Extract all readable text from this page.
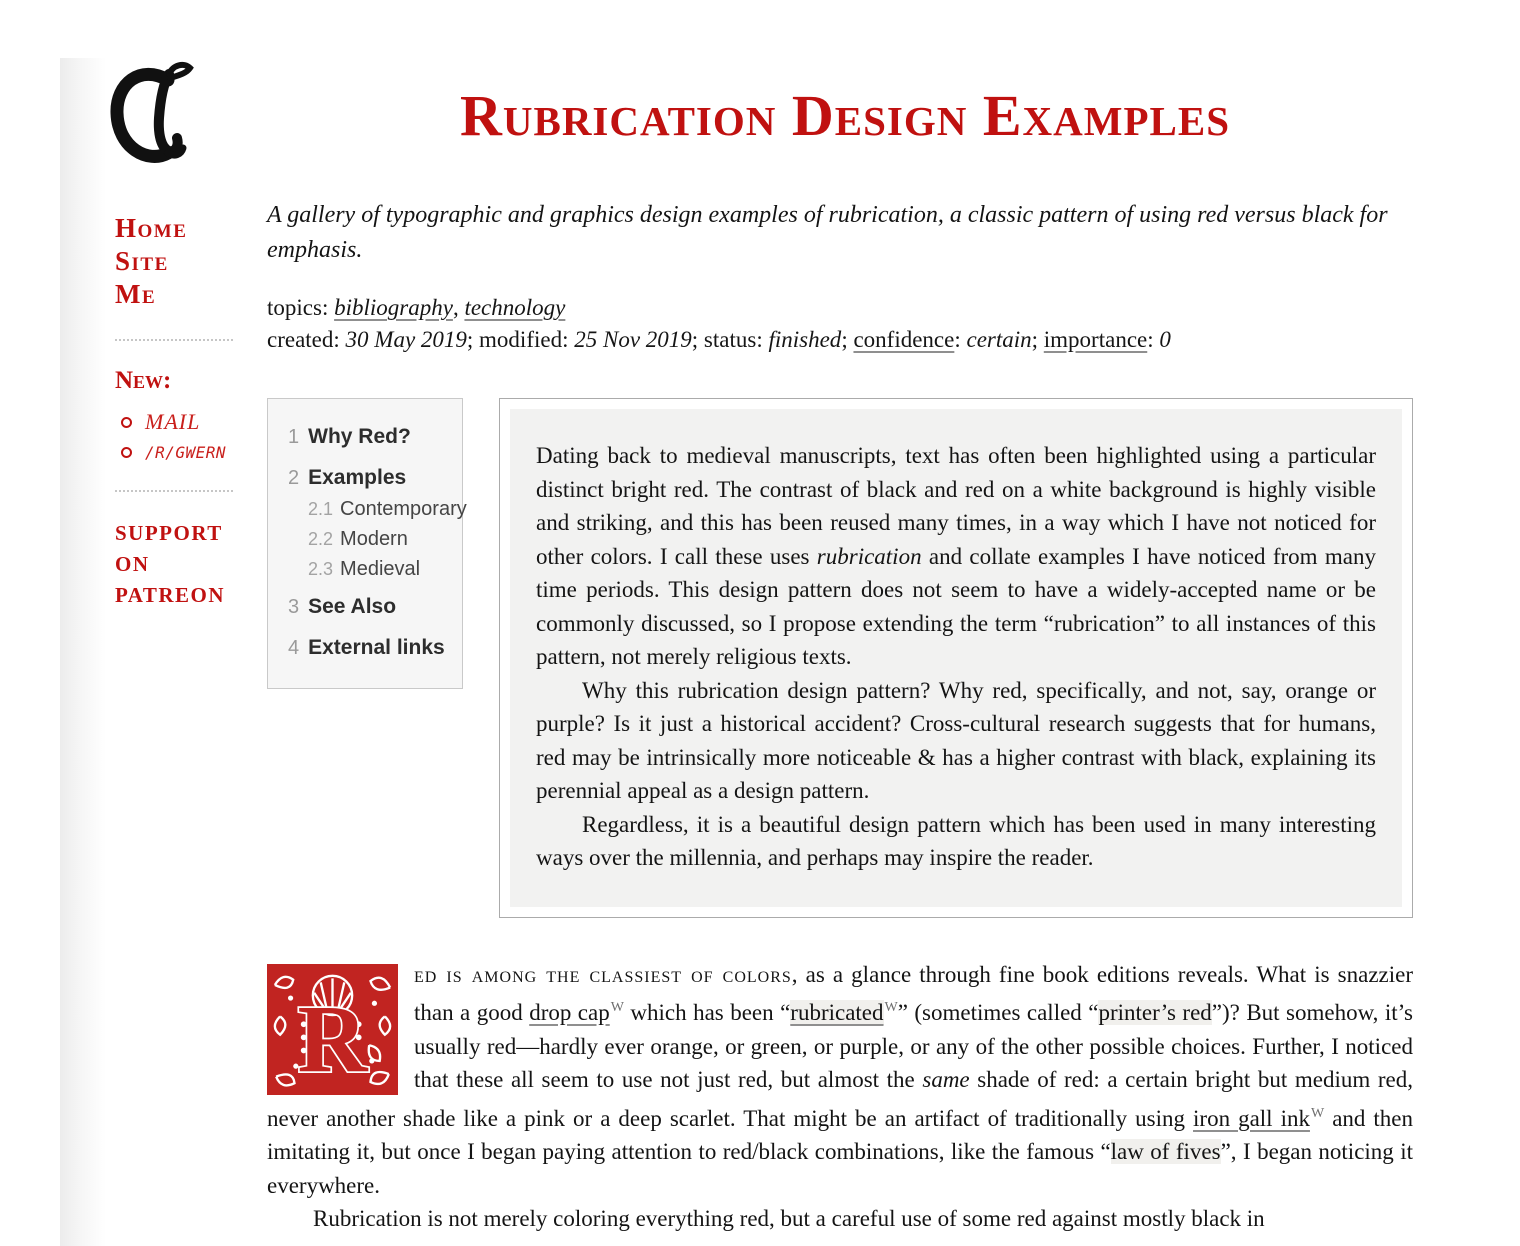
Rubrication Design Examples
Home
Site
Me

New:

MAIL
/R/GWERN
SUPPORT ON PATREON

A gallery of typographic and graphics design examples of rubrication, a classic pattern of using red versus black for emphasis.

topics: bibliography, technology

created: 30 May 2019; modified: 25 Nov 2019; status: finished; confidence: certain; importance: 0

1 Why Red?
2 Examples
2.1 Contemporary
2.2 Modern
2.3 Medieval
3 See Also
4 External links

Dating back to medieval manuscripts, text has often been highlighted using a particular distinct bright red. The contrast of black and red on a white background is highly visible and striking, and this has been reused many times, in a way which I have not noticed for other colors. I call these uses rubrication and collate examples I have noticed from many time periods. This design pattern does not seem to have a widely-accepted name or be commonly discussed, so I propose extending the term “rubrication” to all instances of this pattern, not merely religious texts.

Why this rubrication design pattern? Why red, specifically, and not, say, orange or purple? Is it just a historical accident? Cross-cultural research suggests that for humans, red may be intrinsically more noticeable & has a higher contrast with black, explaining its perennial appeal as a design pattern.

Regardless, it is a beautiful design pattern which has been used in many interesting ways over the millennia, and perhaps may inspire the reader.

R

ed is among the classiest of colors, as a glance through fine book editions reveals. What is snazzier than a good drop cap$^W$ which has been “rubricated$^W$” (sometimes called “printer’s red”)? But somehow, it’s usually red—hardly ever orange, or green, or purple, or any of the other possible choices. Further, I noticed that these all seem to use not just red, but almost the same shade of red: a certain bright but medium red, never another shade like a pink or a deep scarlet. That might be an artifact of traditionally using iron gall ink$^W$ and then imitating it, but once I began paying attention to red/black combinations, like the famous “law of fives”, I began noticing it everywhere.

Rubrication is not merely coloring everything red, but a careful use of some red against mostly black in
